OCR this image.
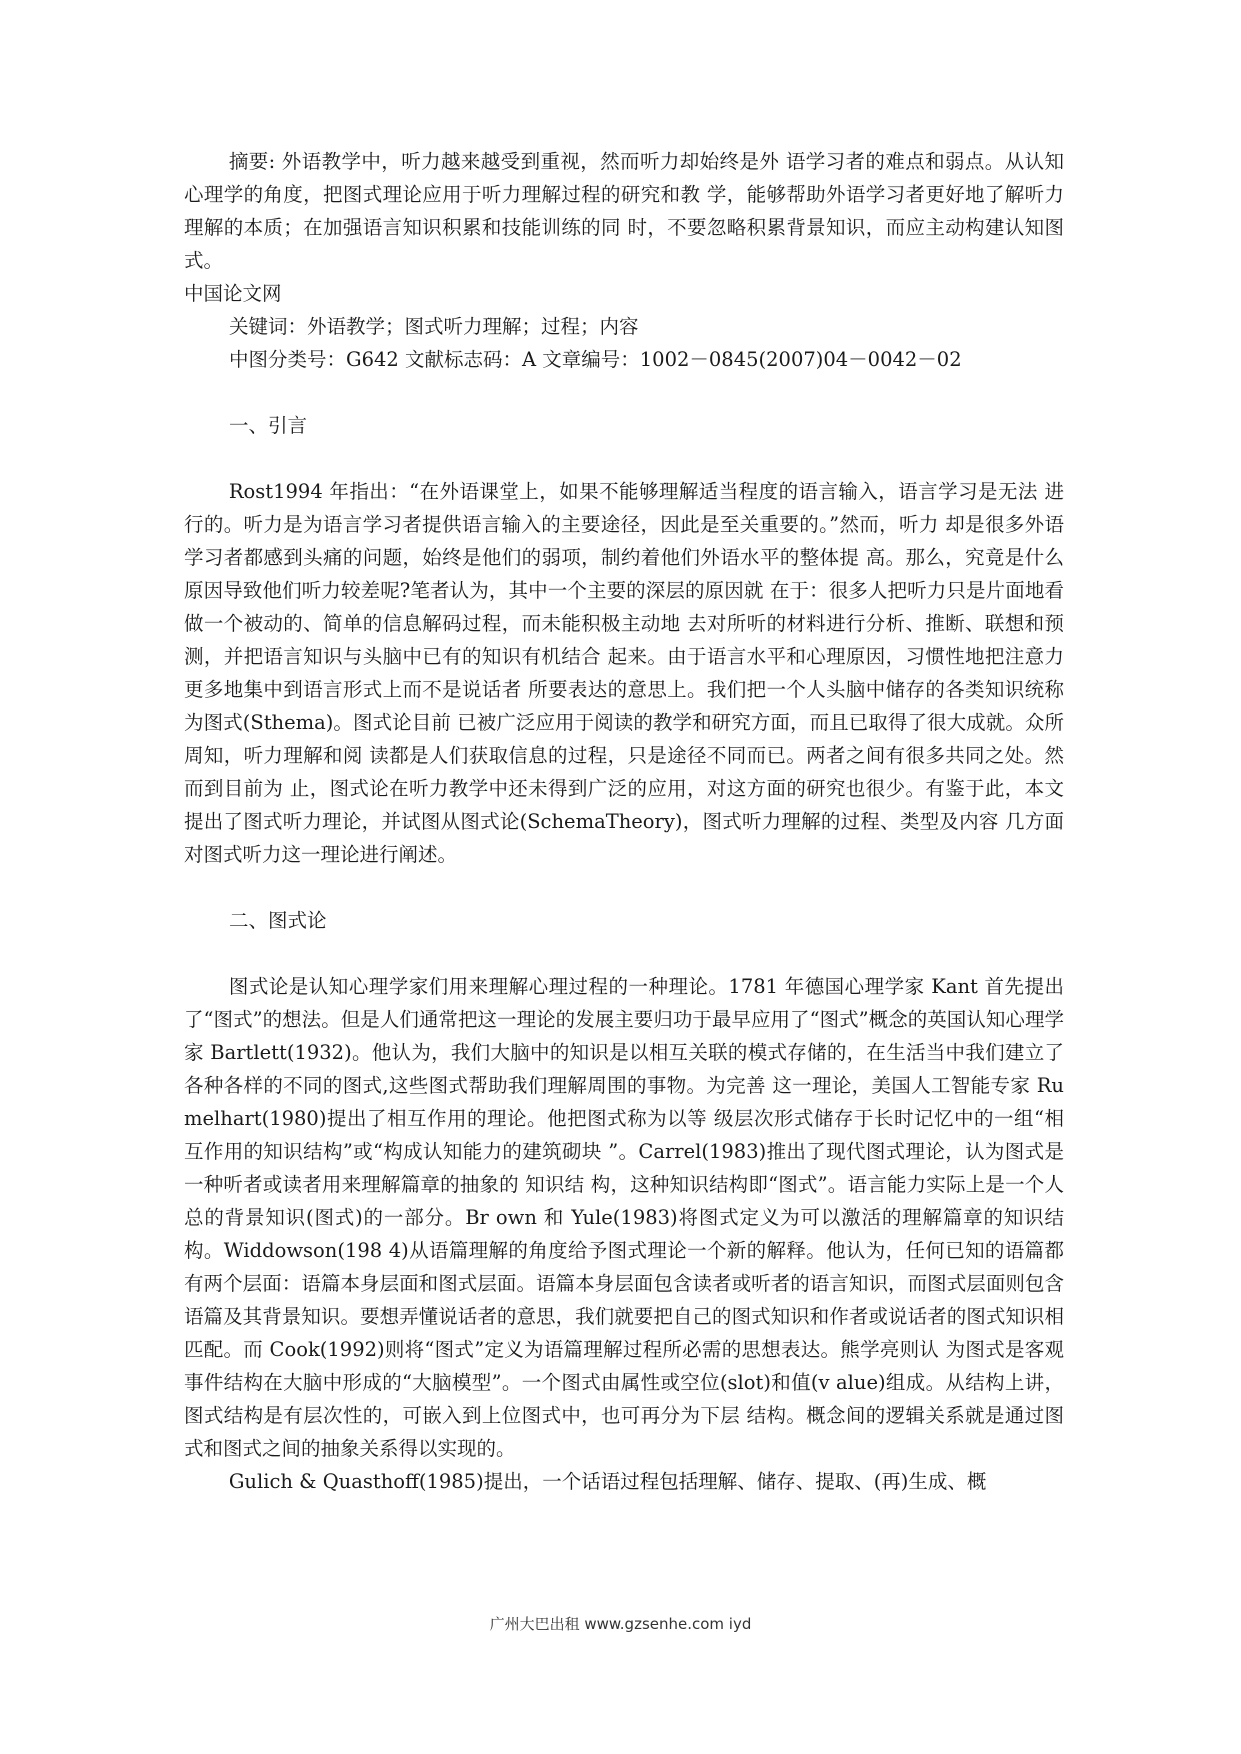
摘要: 外语教学中，听力越来越受到重视，然而听力却始终是外 语学习者的难点和弱点。从认知心理学的角度，把图式理论应用于听力理解过程的研究和教 学，能够帮助外语学习者更好地了解听力理解的本质；在加强语言知识积累和技能训练的同 时，不要忽略积累背景知识，而应主动构建认知图式。

中国论文网

关键词：外语教学；图式听力理解；过程；内容

中图分类号：G642 文献标志码：A 文章编号：1002－0845(2007)04－0042－02

一、引言

Rost1994 年指出：“在外语课堂上，如果不能够理解适当程度的语言输入，语言学习是无法 进行的。听力是为语言学习者提供语言输入的主要途径，因此是至关重要的。”然而，听力 却是很多外语学习者都感到头痛的问题，始终是他们的弱项，制约着他们外语水平的整体提 高。那么，究竟是什么原因导致他们听力较差呢?笔者认为，其中一个主要的深层的原因就 在于：很多人把听力只是片面地看做一个被动的、简单的信息解码过程，而未能积极主动地 去对所听的材料进行分析、推断、联想和预测，并把语言知识与头脑中已有的知识有机结合 起来。由于语言水平和心理原因，习惯性地把注意力更多地集中到语言形式上而不是说话者 所要表达的意思上。我们把一个人头脑中储存的各类知识统称为图式(Sthema)。图式论目前 已被广泛应用于阅读的教学和研究方面，而且已取得了很大成就。众所周知，听力理解和阅 读都是人们获取信息的过程，只是途径不同而已。两者之间有很多共同之处。然而到目前为 止，图式论在听力教学中还未得到广泛的应用，对这方面的研究也很少。有鉴于此，本文提出了图式听力理论，并试图从图式论(SchemaTheory)，图式听力理解的过程、类型及内容 几方面对图式听力这一理论进行阐述。

二、图式论

图式论是认知心理学家们用来理解心理过程的一种理论。1781 年德国心理学家 Kant 首先提出 了“图式”的想法。但是人们通常把这一理论的发展主要归功于最早应用了“图式”概念的英国认知心理学家 Bartlett(1932)。他认为，我们大脑中的知识是以相互关联的模式存储的，在生活当中我们建立了各种各样的不同的图式,这些图式帮助我们理解周围的事物。为完善 这一理论，美国人工智能专家 Rumelhart(1980)提出了相互作用的理论。他把图式称为以等 级层次形式储存于长时记忆中的一组“相互作用的知识结构”或“构成认知能力的建筑砌块 ”。Carrel(1983)推出了现代图式理论，认为图式是一种听者或读者用来理解篇章的抽象的 知识结 构，这种知识结构即“图式”。语言能力实际上是一个人总的背景知识(图式)的一部分。Br own 和 Yule(1983)将图式定义为可以激活的理解篇章的知识结构。Widdowson(198 4)从语篇理解的角度给予图式理论一个新的解释。他认为，任何已知的语篇都有两个层面：语篇本身层面和图式层面。语篇本身层面包含读者或听者的语言知识，而图式层面则包含语篇及其背景知识。要想弄懂说话者的意思，我们就要把自己的图式知识和作者或说话者的图式知识相匹配。而 Cook(1992)则将“图式”定义为语篇理解过程所必需的思想表达。熊学亮则认 为图式是客观事件结构在大脑中形成的“大脑模型”。一个图式由属性或空位(slot)和值(v alue)组成。从结构上讲，图式结构是有层次性的，可嵌入到上位图式中，也可再分为下层 结构。概念间的逻辑关系就是通过图式和图式之间的抽象关系得以实现的。

Gulich & Quasthoff(1985)提出，一个话语过程包括理解、储存、提取、(再)生成、概

广州大巴出租 www.gzsenhe.com iyd
